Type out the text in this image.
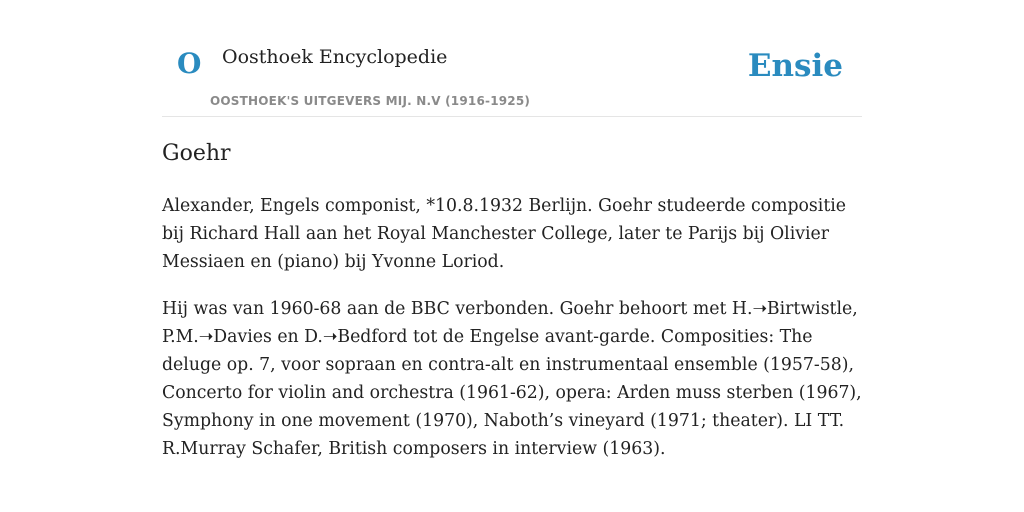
O Oosthoek Encyclopedie
OOSTHOEK'S UITGEVERS MIJ. N.V (1916-1925)
Ensie
Goehr

Alexander, Engels componist, *10.8.1932 Berlijn. Goehr studeerde compositie bij Richard Hall aan het Royal Manchester College, later te Parijs bij Olivier Messiaen en (piano) bij Yvonne Loriod.

Hij was van 1960-68 aan de BBC verbonden. Goehr behoort met H.➝Birtwistle, P.M.➝Davies en D.➝Bedford tot de Engelse avant-garde. Composities: The deluge op. 7, voor sopraan en contra-alt en instrumentaal ensemble (1957-58), Concerto for violin and orchestra (1961-62), opera: Arden muss sterben (1967), Symphony in one movement (1970), Naboth’s vineyard (1971; theater). LI TT. R.Murray Schafer, British composers in interview (1963).
